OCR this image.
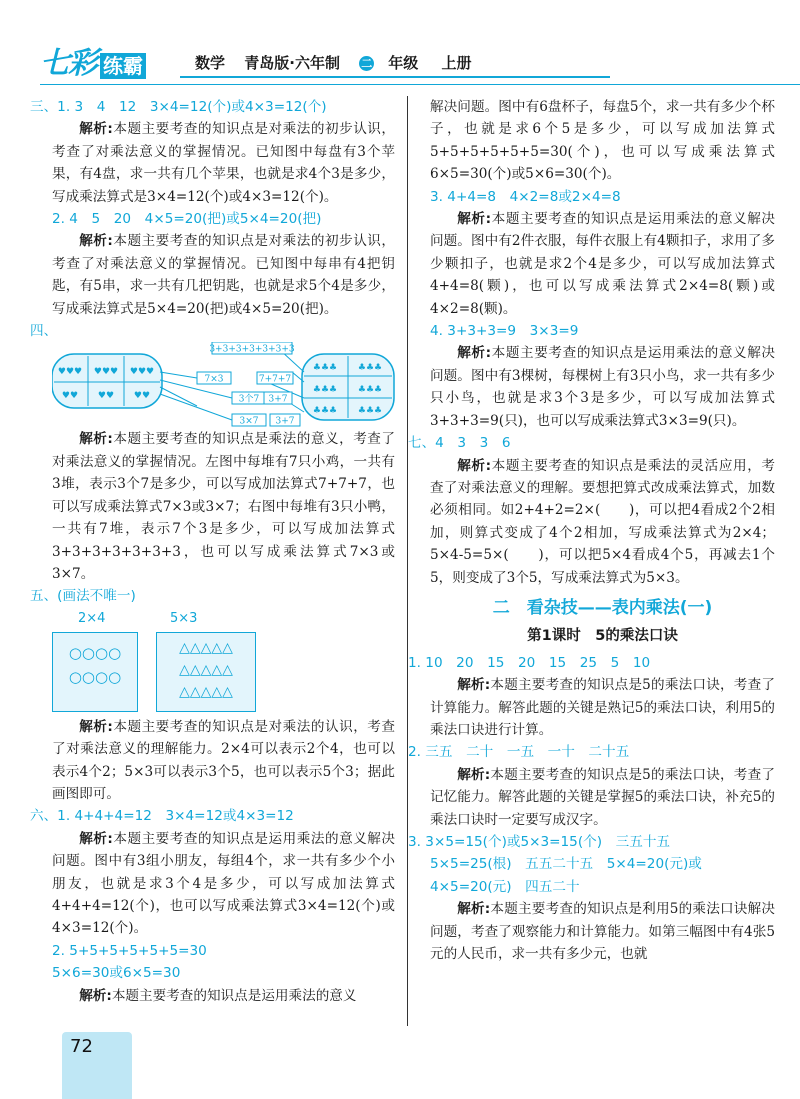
七彩 练霸	数学 青岛版·六年制 二 年级 上册
三、1. 3　4　12　3×4=12(个)或4×3=12(个)
解析:本题主要考查的知识点是对乘法的初步认识，考查了对乘法意义的掌握情况。已知图中每盘有3个苹果，有4盘，求一共有几个苹果，也就是求4个3是多少，写成乘法算式是3×4=12(个)或4×3=12(个)。
2. 4　5　20　4×5=20(把)或5×4=20(把)
解析:本题主要考查的知识点是对乘法的初步认识，考查了对乘法意义的掌握情况。已知图中每串有4把钥匙，有5串，求一共有几把钥匙，也就是求5个4是多少，写成乘法算式是5×4=20(把)或4×5=20(把)。
四、
♥♥♥ ♥♥♥ ♥♥♥
♥♥ ♥♥ ♥♥
♣♣♣ ♣♣♣
♣♣♣ ♣♣♣
♣♣♣ ♣♣♣
3+3+3+3+3+3+3
7×3	7+7+7
3个7 3+7
3×7 3+7
解析:本题主要考查的知识点是乘法的意义，考查了对乘法意义的掌握情况。左图中每堆有7只小鸡，一共有3堆，表示3个7是多少，可以写成加法算式7+7+7，也可以写成乘法算式7×3或3×7；右图中每堆有3只小鸭，一共有7堆，表示7个3是多少，可以写成加法算式3+3+3+3+3+3+3，也可以写成乘法算式7×3或3×7。
五、(画法不唯一)
2×4	5×3
○○○○
○○○○
△△△△△
△△△△△
△△△△△
解析:本题主要考查的知识点是对乘法的认识，考查了对乘法意义的理解能力。2×4可以表示2个4，也可以表示4个2；5×3可以表示3个5，也可以表示5个3；据此画图即可。
六、1. 4+4+4=12　3×4=12或4×3=12
解析:本题主要考查的知识点是运用乘法的意义解决问题。图中有3组小朋友，每组4个，求一共有多少个小朋友，也就是求3个4是多少，可以写成加法算式4+4+4=12(个)，也可以写成乘法算式3×4=12(个)或4×3=12(个)。
2. 5+5+5+5+5+5=30
5×6=30或6×5=30
解析:本题主要考查的知识点是运用乘法的意义
解决问题。图中有6盘杯子，每盘5个，求一共有多少个杯子，也就是求6个5是多少，可以写成加法算式5+5+5+5+5+5=30(个)，也可以写成乘法算式6×5=30(个)或5×6=30(个)。
3. 4+4=8　4×2=8或2×4=8
解析:本题主要考查的知识点是运用乘法的意义解决问题。图中有2件衣服，每件衣服上有4颗扣子，求用了多少颗扣子，也就是求2个4是多少，可以写成加法算式4+4=8(颗)，也可以写成乘法算式2×4=8(颗)或4×2=8(颗)。
4. 3+3+3=9　3×3=9
解析:本题主要考查的知识点是运用乘法的意义解决问题。图中有3棵树，每棵树上有3只小鸟，求一共有多少只小鸟，也就是求3个3是多少，可以写成加法算式3+3+3=9(只)，也可以写成乘法算式3×3=9(只)。
七、4　3　3　6
解析:本题主要考查的知识点是乘法的灵活应用，考查了对乘法意义的理解。要想把算式改成乘法算式，加数必须相同。如2+4+2=2×(　　)，可以把4看成2个2相加，则算式变成了4个2相加，写成乘法算式为2×4；5×4-5=5×(　　)，可以把5×4看成4个5，再减去1个5，则变成了3个5，写成乘法算式为5×3。
二　看杂技——表内乘法(一)
第1课时　5的乘法口诀
1. 10　20　15　20　15　25　5　10
解析:本题主要考查的知识点是5的乘法口诀，考查了计算能力。解答此题的关键是熟记5的乘法口诀，利用5的乘法口诀进行计算。
2. 三五　二十　一五　一十　二十五
解析:本题主要考查的知识点是5的乘法口诀，考查了记忆能力。解答此题的关键是掌握5的乘法口诀，补充5的乘法口诀时一定要写成汉字。
3. 3×5=15(个)或5×3=15(个)　三五十五
5×5=25(根)　五五二十五　5×4=20(元)或
4×5=20(元)　四五二十
解析:本题主要考查的知识点是利用5的乘法口诀解决问题，考查了观察能力和计算能力。如第三幅图中有4张5元的人民币，求一共有多少元，也就
72
